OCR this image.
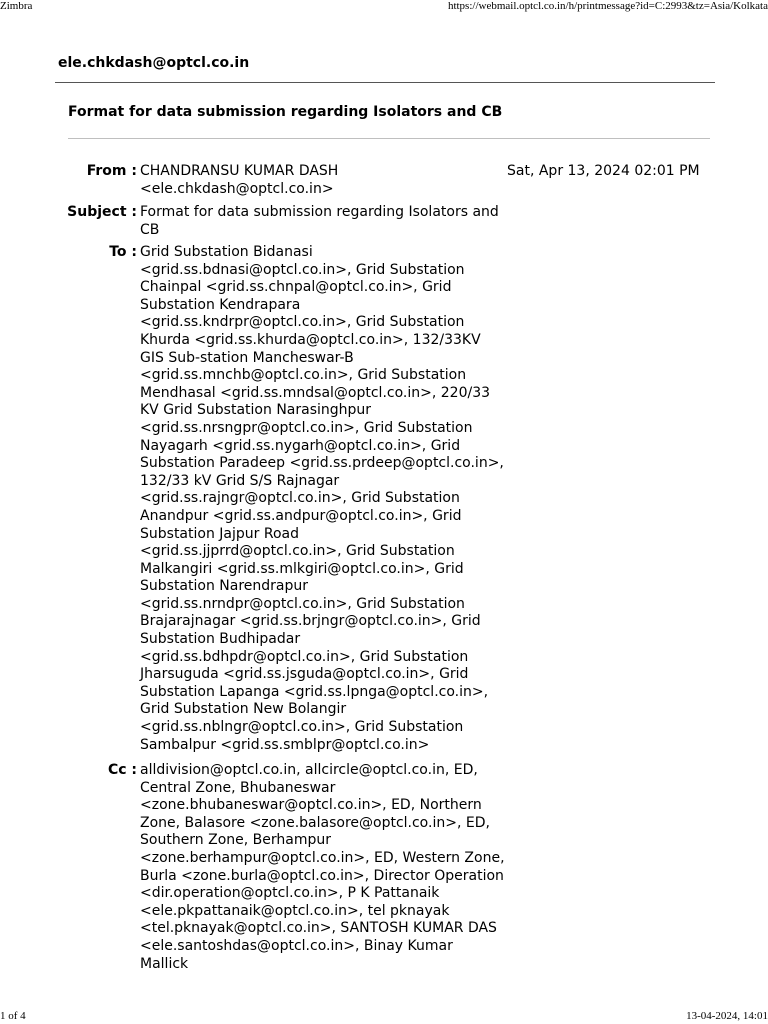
Zimbra	https://webmail.optcl.co.in/h/printmessage?id=C:2993&tz=Asia/Kolkata
ele.chkdash@optcl.co.in
Format for data submission regarding Isolators and CB
From : CHANDRANSU KUMAR DASH <ele.chkdash@optcl.co.in>
Sat, Apr 13, 2024 02:01 PM
Subject : Format for data submission regarding Isolators and CB
To : Grid Substation Bidanasi <grid.ss.bdnasi@optcl.co.in>, Grid Substation Chainpal <grid.ss.chnpal@optcl.co.in>, Grid Substation Kendrapara <grid.ss.kndrpr@optcl.co.in>, Grid Substation Khurda <grid.ss.khurda@optcl.co.in>, 132/33KV GIS Sub-station Mancheswar-B <grid.ss.mnchb@optcl.co.in>, Grid Substation Mendhasal <grid.ss.mndsal@optcl.co.in>, 220/33 KV Grid Substation Narasinghpur <grid.ss.nrsngpr@optcl.co.in>, Grid Substation Nayagarh <grid.ss.nygarh@optcl.co.in>, Grid Substation Paradeep <grid.ss.prdeep@optcl.co.in>, 132/33 kV Grid S/S Rajnagar <grid.ss.rajngr@optcl.co.in>, Grid Substation Anandpur <grid.ss.andpur@optcl.co.in>, Grid Substation Jajpur Road <grid.ss.jjprrd@optcl.co.in>, Grid Substation Malkangiri <grid.ss.mlkgiri@optcl.co.in>, Grid Substation Narendrapur <grid.ss.nrndpr@optcl.co.in>, Grid Substation Brajarajnagar <grid.ss.brjngr@optcl.co.in>, Grid Substation Budhipadar <grid.ss.bdhpdr@optcl.co.in>, Grid Substation Jharsuguda <grid.ss.jsguda@optcl.co.in>, Grid Substation Lapanga <grid.ss.lpnga@optcl.co.in>, Grid Substation New Bolangir <grid.ss.nblngr@optcl.co.in>, Grid Substation Sambalpur <grid.ss.smblpr@optcl.co.in>
Cc : alldivision@optcl.co.in, allcircle@optcl.co.in, ED, Central Zone, Bhubaneswar <zone.bhubaneswar@optcl.co.in>, ED, Northern Zone, Balasore <zone.balasore@optcl.co.in>, ED, Southern Zone, Berhampur <zone.berhampur@optcl.co.in>, ED, Western Zone, Burla <zone.burla@optcl.co.in>, Director Operation <dir.operation@optcl.co.in>, P K Pattanaik <ele.pkpattanaik@optcl.co.in>, tel pknayak <tel.pknayak@optcl.co.in>, SANTOSH KUMAR DAS <ele.santoshdas@optcl.co.in>, Binay Kumar Mallick
1 of 4	13-04-2024, 14:01
